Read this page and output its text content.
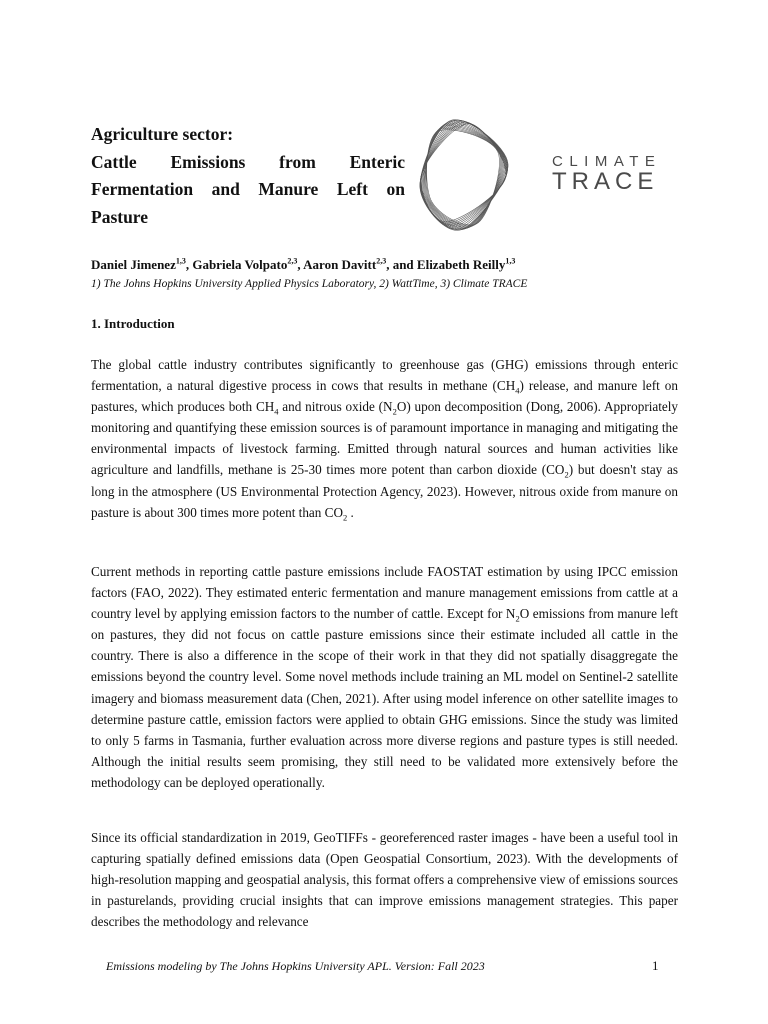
Agriculture sector:
Cattle Emissions from Enteric
Fermentation and Manure Left on
Pasture
CLIMATE
TRACE
Daniel Jimenez$^{1,3}$, Gabriela Volpato$^{2,3}$, Aaron Davitt$^{2,3}$, and Elizabeth Reilly$^{1,3}$
1) The Johns Hopkins University Applied Physics Laboratory, 2) WattTime, 3) Climate TRACE
1. Introduction

The global cattle industry contributes significantly to greenhouse gas (GHG) emissions through enteric fermentation, a natural digestive process in cows that results in methane $(CH_4)$ release, and manure left on pastures, which produces both $CH_4$ and nitrous oxide $(N_2O)$ upon decomposition (Dong, 2006). Appropriately monitoring and quantifying these emission sources is of paramount importance in managing and mitigating the environmental impacts of livestock farming. Emitted through natural sources and human activities like agriculture and landfills, methane is 25-30 times more potent than carbon dioxide $(CO_2)$ but doesn't stay as long in the atmosphere (US Environmental Protection Agency, 2023). However, nitrous oxide from manure on pasture is about 300 times more potent than $CO_2$ .

Current methods in reporting cattle pasture emissions include FAOSTAT estimation by using IPCC emission factors (FAO, 2022). They estimated enteric fermentation and manure management emissions from cattle at a country level by applying emission factors to the number of cattle. Except for $N_2O$ emissions from manure left on pastures, they did not focus on cattle pasture emissions since their estimate included all cattle in the country. There is also a difference in the scope of their work in that they did not spatially disaggregate the emissions beyond the country level. Some novel methods include training an ML model on Sentinel-2 satellite imagery and biomass measurement data (Chen, 2021). After using model inference on other satellite images to determine pasture cattle, emission factors were applied to obtain GHG emissions. Since the study was limited to only 5 farms in Tasmania, further evaluation across more diverse regions and pasture types is still needed. Although the initial results seem promising, they still need to be validated more extensively before the methodology can be deployed operationally.

Since its official standardization in 2019, GeoTIFFs - georeferenced raster images - have been a useful tool in capturing spatially defined emissions data (Open Geospatial Consortium, 2023). With the developments of high-resolution mapping and geospatial analysis, this format offers a comprehensive view of emissions sources in pasturelands, providing crucial insights that can improve emissions management strategies. This paper describes the methodology and relevance

Emissions modeling by The Johns Hopkins University APL. Version: Fall 2023	1
